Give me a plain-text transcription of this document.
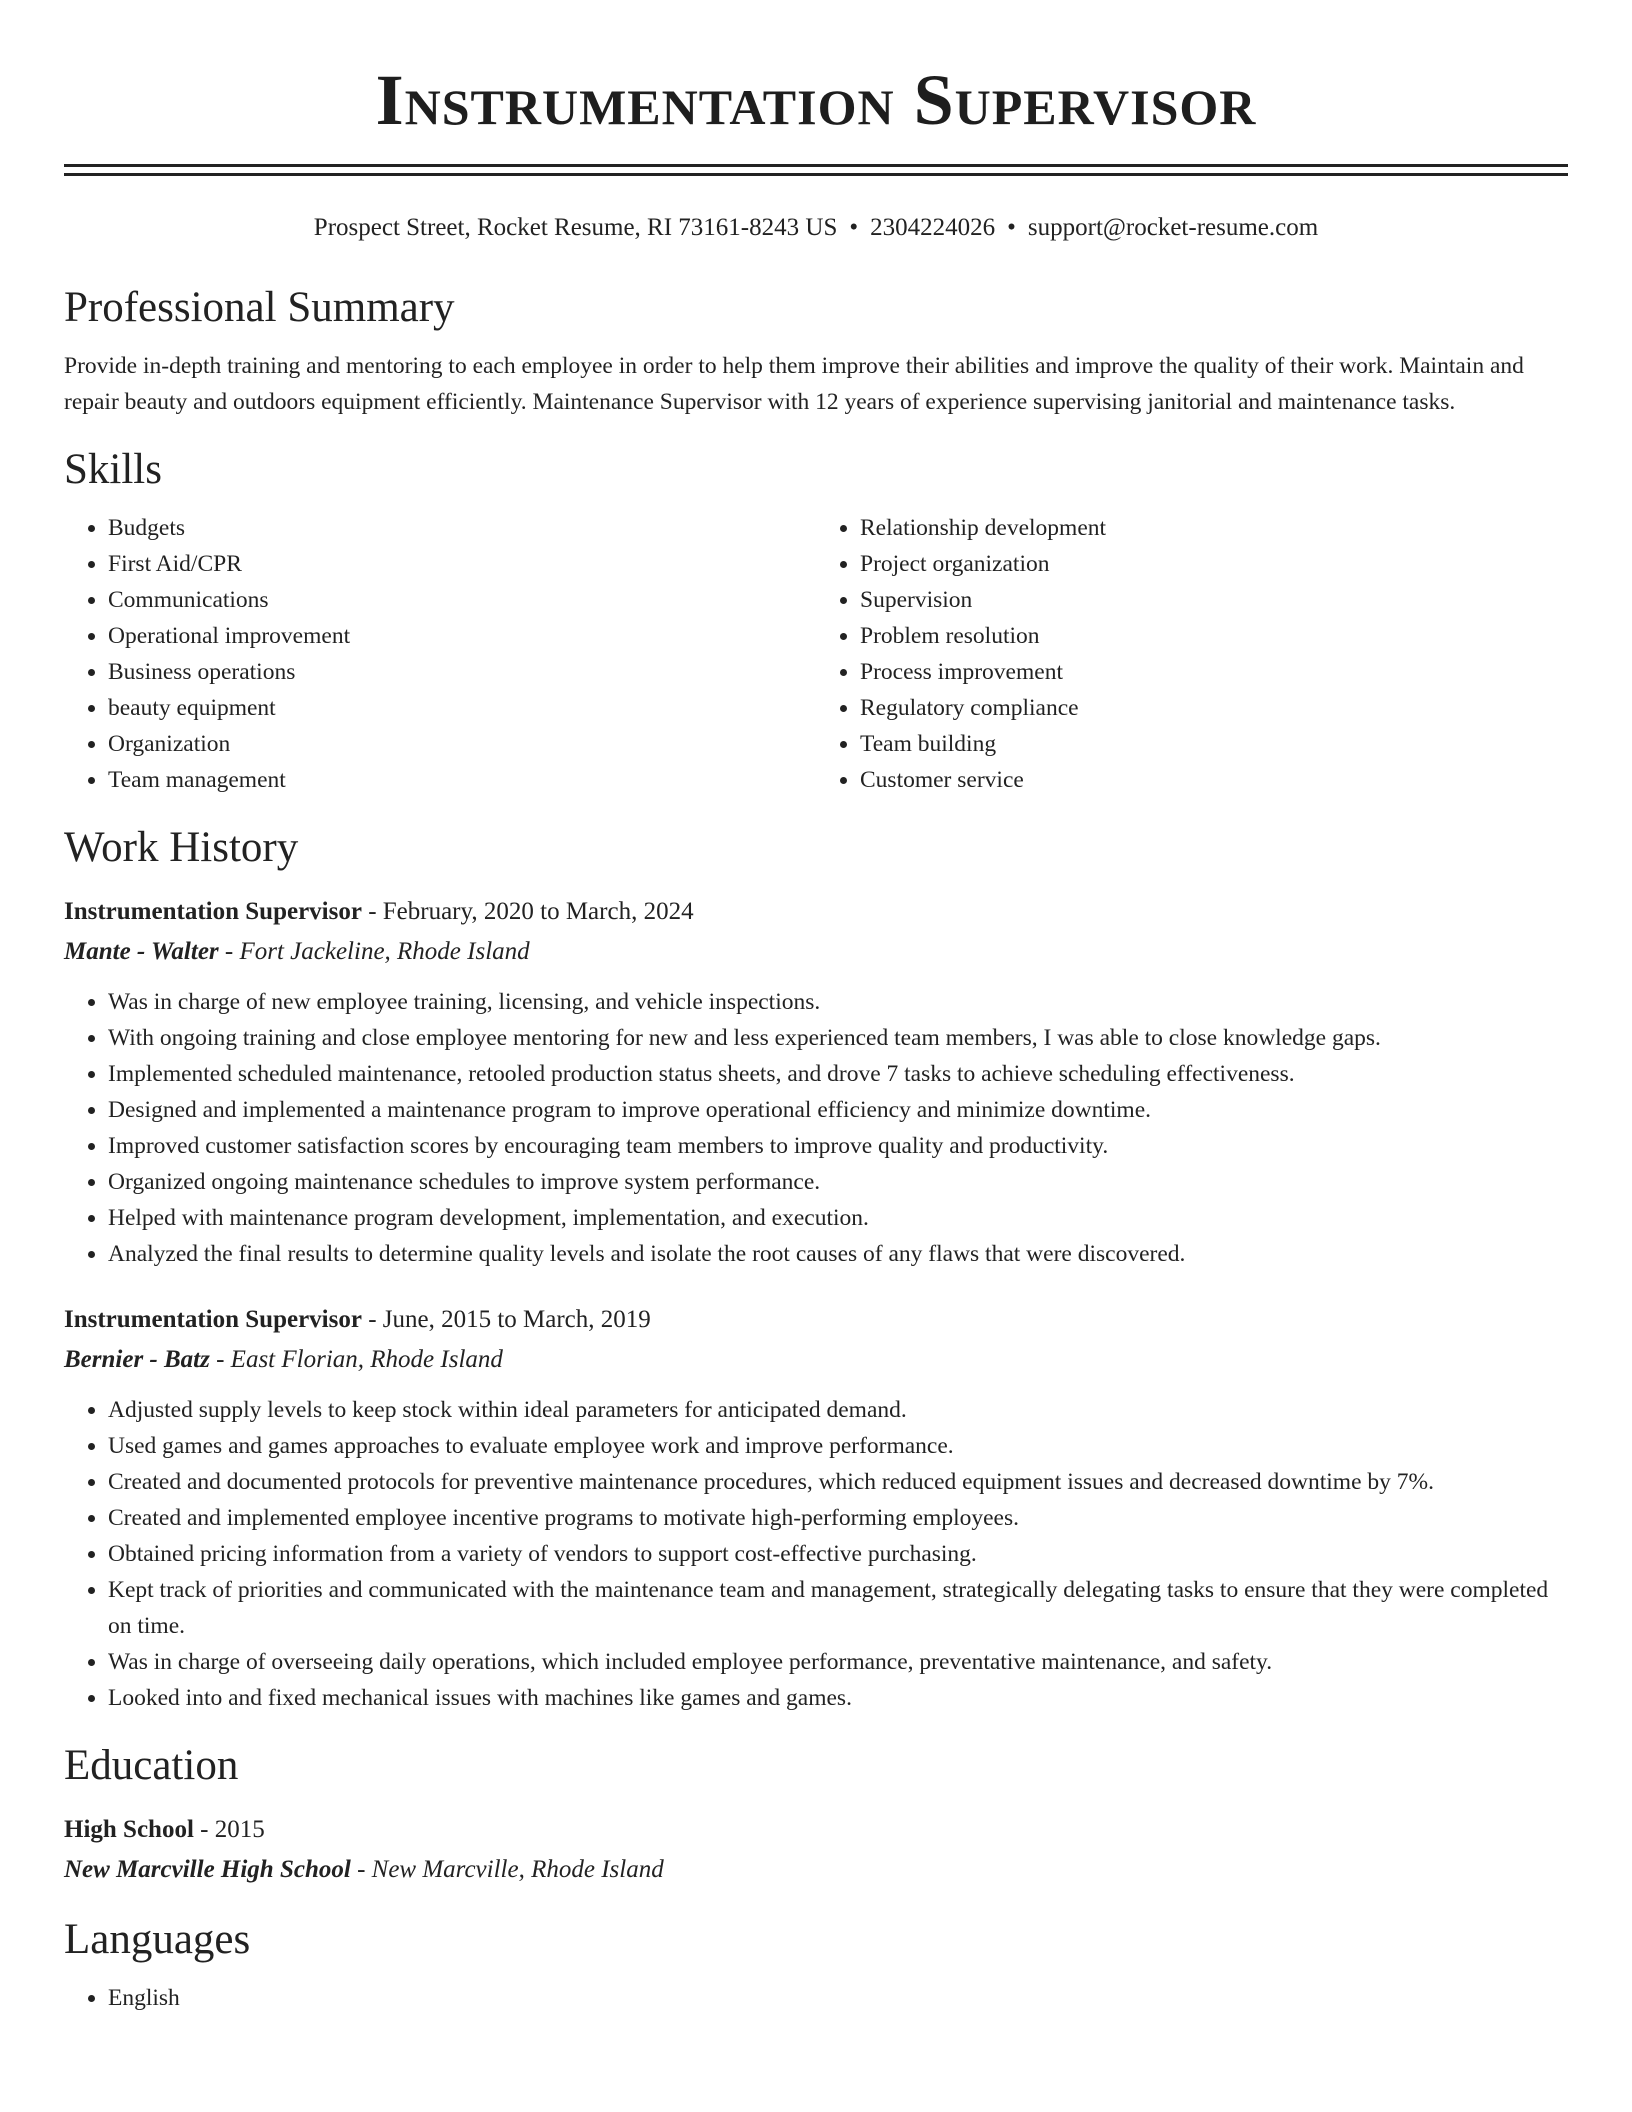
Instrumentation Supervisor
Prospect Street, Rocket Resume, RI 73161-8243 US • 2304224026 • support@rocket-resume.com
Professional Summary
Provide in-depth training and mentoring to each employee in order to help them improve their abilities and improve the quality of their work. Maintain and repair beauty and outdoors equipment efficiently. Maintenance Supervisor with 12 years of experience supervising janitorial and maintenance tasks.
Skills
• Budgets
• First Aid/CPR
• Communications
• Operational improvement
• Business operations
• beauty equipment
• Organization
• Team management
• Relationship development
• Project organization
• Supervision
• Problem resolution
• Process improvement
• Regulatory compliance
• Team building
• Customer service
Work History
Instrumentation Supervisor - February, 2020 to March, 2024
Mante - Walter - Fort Jackeline, Rhode Island
• Was in charge of new employee training, licensing, and vehicle inspections.
• With ongoing training and close employee mentoring for new and less experienced team members, I was able to close knowledge gaps.
• Implemented scheduled maintenance, retooled production status sheets, and drove 7 tasks to achieve scheduling effectiveness.
• Designed and implemented a maintenance program to improve operational efficiency and minimize downtime.
• Improved customer satisfaction scores by encouraging team members to improve quality and productivity.
• Organized ongoing maintenance schedules to improve system performance.
• Helped with maintenance program development, implementation, and execution.
• Analyzed the final results to determine quality levels and isolate the root causes of any flaws that were discovered.
Instrumentation Supervisor - June, 2015 to March, 2019
Bernier - Batz - East Florian, Rhode Island
• Adjusted supply levels to keep stock within ideal parameters for anticipated demand.
• Used games and games approaches to evaluate employee work and improve performance.
• Created and documented protocols for preventive maintenance procedures, which reduced equipment issues and decreased downtime by 7%.
• Created and implemented employee incentive programs to motivate high-performing employees.
• Obtained pricing information from a variety of vendors to support cost-effective purchasing.
• Kept track of priorities and communicated with the maintenance team and management, strategically delegating tasks to ensure that they were completed on time.
• Was in charge of overseeing daily operations, which included employee performance, preventative maintenance, and safety.
• Looked into and fixed mechanical issues with machines like games and games.
Education
High School - 2015
New Marcville High School - New Marcville, Rhode Island
Languages
• English
